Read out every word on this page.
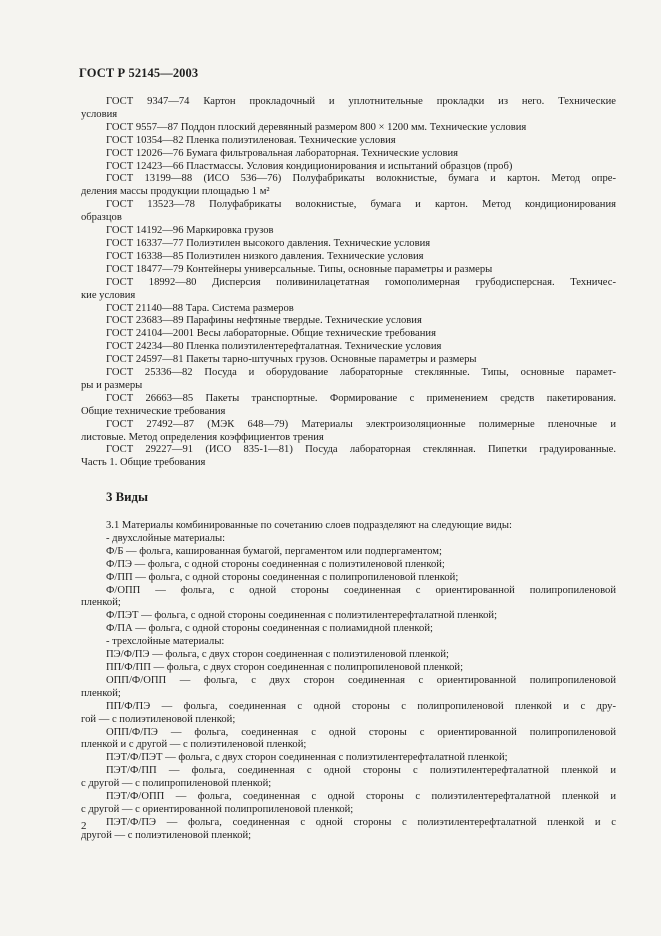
ГОСТ Р 52145—2003
ГОСТ 9347—74 Картон прокладочный и уплотнительные прокладки из него. Технические
условия
ГОСТ 9557—87 Поддон плоский деревянный размером 800 × 1200 мм. Технические условия
ГОСТ 10354—82 Пленка полиэтиленовая. Технические условия
ГОСТ 12026—76 Бумага фильтровальная лабораторная. Технические условия
ГОСТ 12423—66 Пластмассы. Условия кондиционирования и испытаний образцов (проб)
ГОСТ 13199—88 (ИСО 536—76) Полуфабрикаты волокнистые, бумага и картон. Метод опре-
деления массы продукции площадью 1 м²
ГОСТ 13523—78 Полуфабрикаты волокнистые, бумага и картон. Метод кондиционирования
образцов
ГОСТ 14192—96 Маркировка грузов
ГОСТ 16337—77 Полиэтилен высокого давления. Технические условия
ГОСТ 16338—85 Полиэтилен низкого давления. Технические условия
ГОСТ 18477—79 Контейнеры универсальные. Типы, основные параметры и размеры
ГОСТ 18992—80 Дисперсия поливинилацетатная гомополимерная грубодисперсная. Техничес-
кие условия
ГОСТ 21140—88 Тара. Система размеров
ГОСТ 23683—89 Парафины нефтяные твердые. Технические условия
ГОСТ 24104—2001 Весы лабораторные. Общие технические требования
ГОСТ 24234—80 Пленка полиэтилентерефталатная. Технические условия
ГОСТ 24597—81 Пакеты тарно-штучных грузов. Основные параметры и размеры
ГОСТ 25336—82 Посуда и оборудование лабораторные стеклянные. Типы, основные парамет-
ры и размеры
ГОСТ 26663—85 Пакеты транспортные. Формирование с применением средств пакетирования.
Общие технические требования
ГОСТ 27492—87 (МЭК 648—79) Материалы электроизоляционные полимерные пленочные и
листовые. Метод определения коэффициентов трения
ГОСТ 29227—91 (ИСО 835-1—81) Посуда лабораторная стеклянная. Пипетки градуированные.
Часть 1. Общие требования
3 Виды
3.1 Материалы комбинированные по сочетанию слоев подразделяют на следующие виды:
- двухслойные материалы:
Ф/Б — фольга, кашированная бумагой, пергаментом или подпергаментом;
Ф/ПЭ — фольга, с одной стороны соединенная с полиэтиленовой пленкой;
Ф/ПП — фольга, с одной стороны соединенная с полипропиленовой пленкой;
Ф/ОПП — фольга, с одной стороны соединенная с ориентированной полипропиленовой
пленкой;
Ф/ПЭТ — фольга, с одной стороны соединенная с полиэтилентерефталатной пленкой;
Ф/ПА — фольга, с одной стороны соединенная с полиамидной пленкой;
- трехслойные материалы:
ПЭ/Ф/ПЭ — фольга, с двух сторон соединенная с полиэтиленовой пленкой;
ПП/Ф/ПП — фольга, с двух сторон соединенная с полипропиленовой пленкой;
ОПП/Ф/ОПП — фольга, с двух сторон соединенная с ориентированной полипропиленовой
пленкой;
ПП/Ф/ПЭ — фольга, соединенная с одной стороны с полипропиленовой пленкой и с дру-
гой — с полиэтиленовой пленкой;
ОПП/Ф/ПЭ — фольга, соединенная с одной стороны с ориентированной полипропиленовой
пленкой и с другой — с полиэтиленовой пленкой;
ПЭТ/Ф/ПЭТ — фольга, с двух сторон соединенная с полиэтилентерефталатной пленкой;
ПЭТ/Ф/ПП — фольга, соединенная с одной стороны с полиэтилентерефталатной пленкой и
с другой — с полипропиленовой пленкой;
ПЭТ/Ф/ОПП — фольга, соединенная с одной стороны с полиэтилентерефталатной пленкой и
с другой — с ориентированной полипропиленовой пленкой;
ПЭТ/Ф/ПЭ — фольга, соединенная с одной стороны с полиэтилентерефталатной пленкой и с
другой — с полиэтиленовой пленкой;
2
